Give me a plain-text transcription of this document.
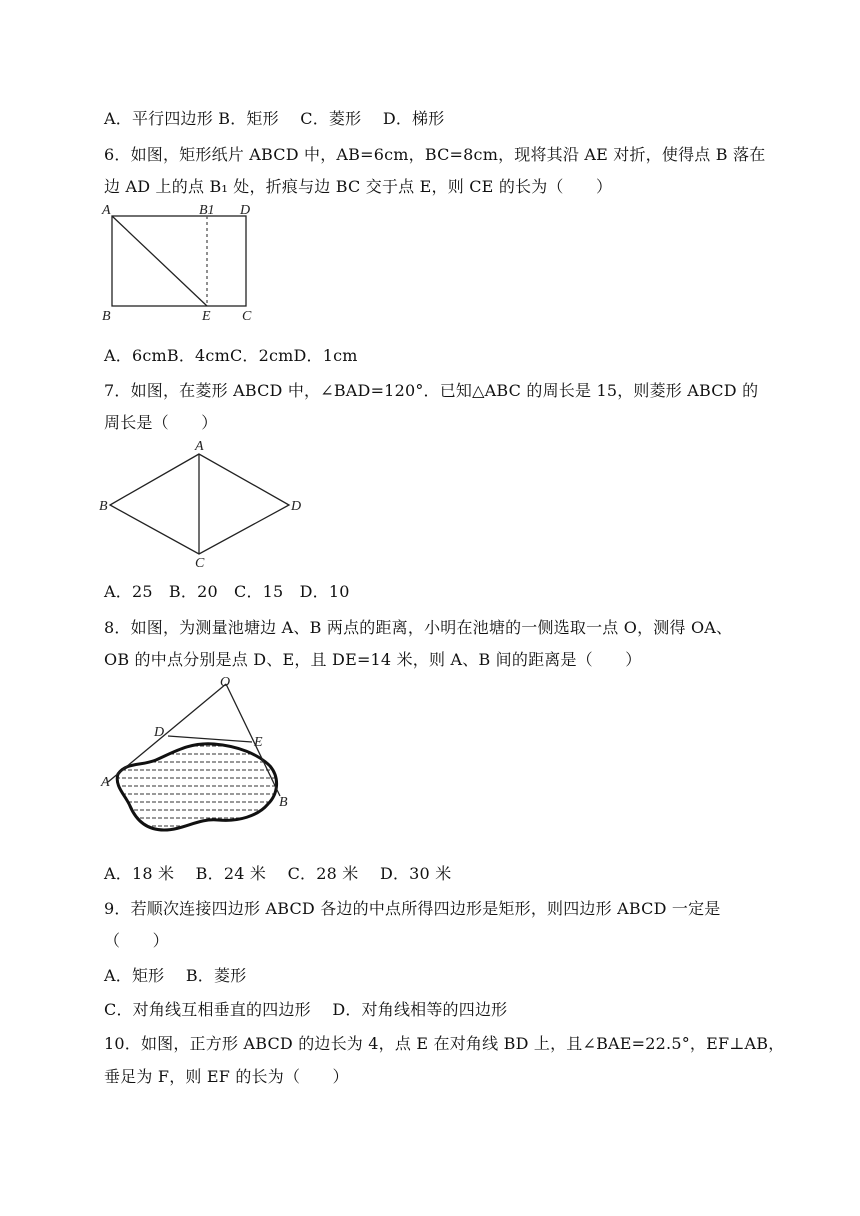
A．平行四边形 B．矩形　 C．菱形　 D．梯形
6．如图，矩形纸片 ABCD 中，AB=6cm，BC=8cm，现将其沿 AE 对折，使得点 B 落在
边 AD 上的点 B₁ 处，折痕与边 BC 交于点 E，则 CE 的长为（　　）
A	B1 D
B	E C
A．6cmB．4cmC．2cmD．1cm
7．如图，在菱形 ABCD 中，∠BAD=120°．已知△ABC 的周长是 15，则菱形 ABCD 的
周长是（　　）
A
B
C
D
A．25　B．20　C．15　D．10
8．如图，为测量池塘边 A、B 两点的距离，小明在池塘的一侧选取一点 O，测得 OA、
OB 的中点分别是点 D、E，且 DE=14 米，则 A、B 间的距离是（　　）
O
D
E
A
B
A．18 米　 B．24 米　 C．28 米　 D．30 米
9．若顺次连接四边形 ABCD 各边的中点所得四边形是矩形，则四边形 ABCD 一定是
（　　）
A．矩形　 B．菱形
C．对角线互相垂直的四边形　 D．对角线相等的四边形
10．如图，正方形 ABCD 的边长为 4，点 E 在对角线 BD 上，且∠BAE=22.5°，EF⊥AB，
垂足为 F，则 EF 的长为（　　）
